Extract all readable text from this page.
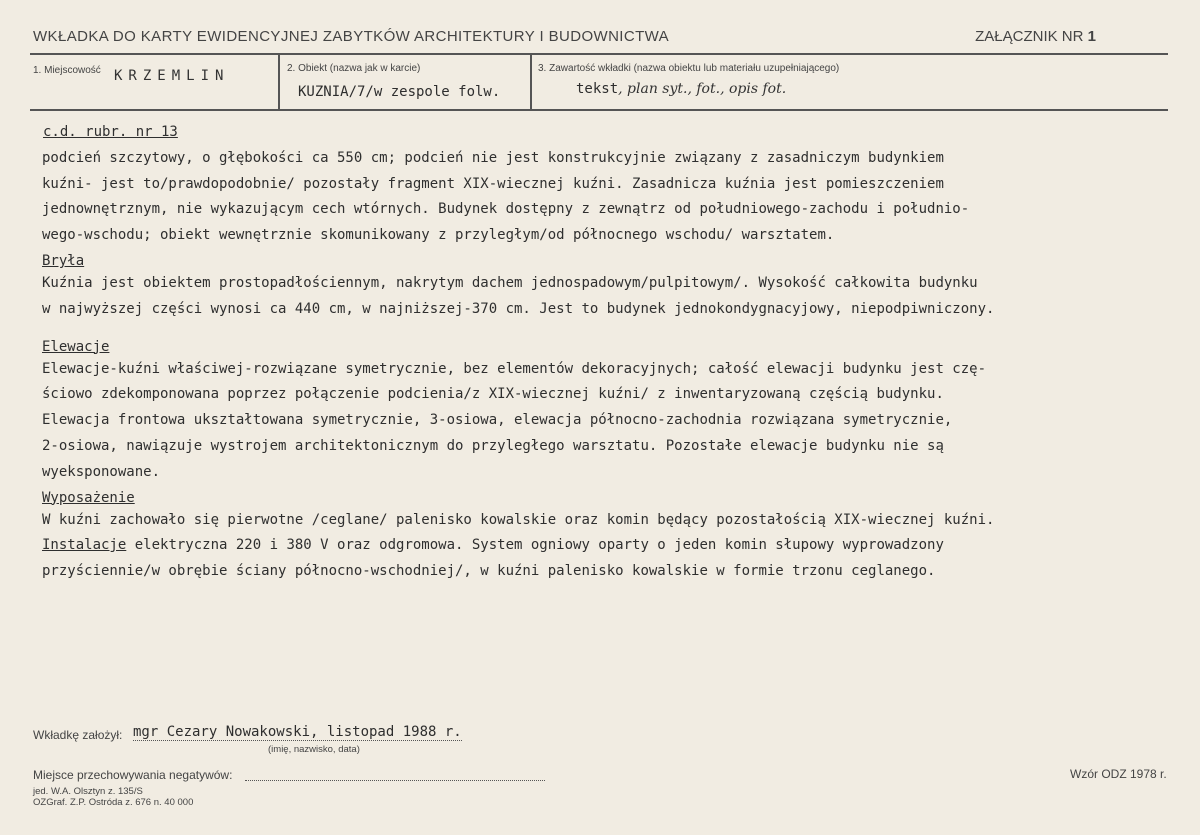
WKŁADKA DO KARTY EWIDENCYJNEJ ZABYTKÓW ARCHITEKTURY I BUDOWNICTWA	ZAŁĄCZNIK NR 1
1. Miejscowość KRZEMLIN	2. Obiekt (nazwa jak w karcie)
KUZNIA/7/w zespole folw.
3. Zawartość wkładki (nazwa obiektu lub materiału uzupełniającego)
tekst, plan syt., fot., opis fot.
c.d. rubr. nr 13
podcień szczytowy, o głębokości ca 550 cm; podcień nie jest konstrukcyjnie związany z zasadniczym budynkiem
kuźni- jest to/prawdopodobnie/ pozostały fragment XIX-wiecznej kuźni. Zasadnicza kuźnia jest pomieszczeniem
jednownętrznym, nie wykazującym cech wtórnych. Budynek dostępny z zewnątrz od południowego-zachodu i południo-
wego-wschodu; obiekt wewnętrznie skomunikowany z przyległym/od północnego wschodu/ warsztatem.
Bryła
Kuźnia jest obiektem prostopadłościennym, nakrytym dachem jednospadowym/pulpitowym/. Wysokość całkowita budynku
w najwyższej części wynosi ca 440 cm, w najniższej-370 cm. Jest to budynek jednokondygnacyjowy, niepodpiwniczony.
Elewacje
Elewacje-kuźni właściwej-rozwiązane symetrycznie, bez elementów dekoracyjnych; całość elewacji budynku jest czę-
ściowo zdekomponowana poprzez połączenie podcienia/z XIX-wiecznej kuźni/ z inwentaryzowaną częścią budynku.
Elewacja frontowa ukształtowana symetrycznie, 3-osiowa, elewacja północno-zachodnia rozwiązana symetrycznie,
2-osiowa, nawiązuje wystrojem architektonicznym do przyległego warsztatu. Pozostałe elewacje budynku nie są
wyeksponowane.
Wyposażenie
W kuźni zachowało się pierwotne /ceglane/ palenisko kowalskie oraz komin będący pozostałością XIX-wiecznej kuźni.
Instalacje elektryczna 220 i 380 V oraz odgromowa. System ogniowy oparty o jeden komin słupowy wyprowadzony
przyściennie/w obrębie ściany północno-wschodniej/, w kuźni palenisko kowalskie w formie trzonu ceglanego.
Wkładkę założył: mgr Cezary Nowakowski, listopad 1988 r.
(imię, nazwisko, data)
Miejsce przechowywania negatywów:	Wzór ODZ 1978 r.
jed. W.A. Olsztyn z. 135/S
OZGraf. Z.P. Ostróda z. 676 n. 40 000
